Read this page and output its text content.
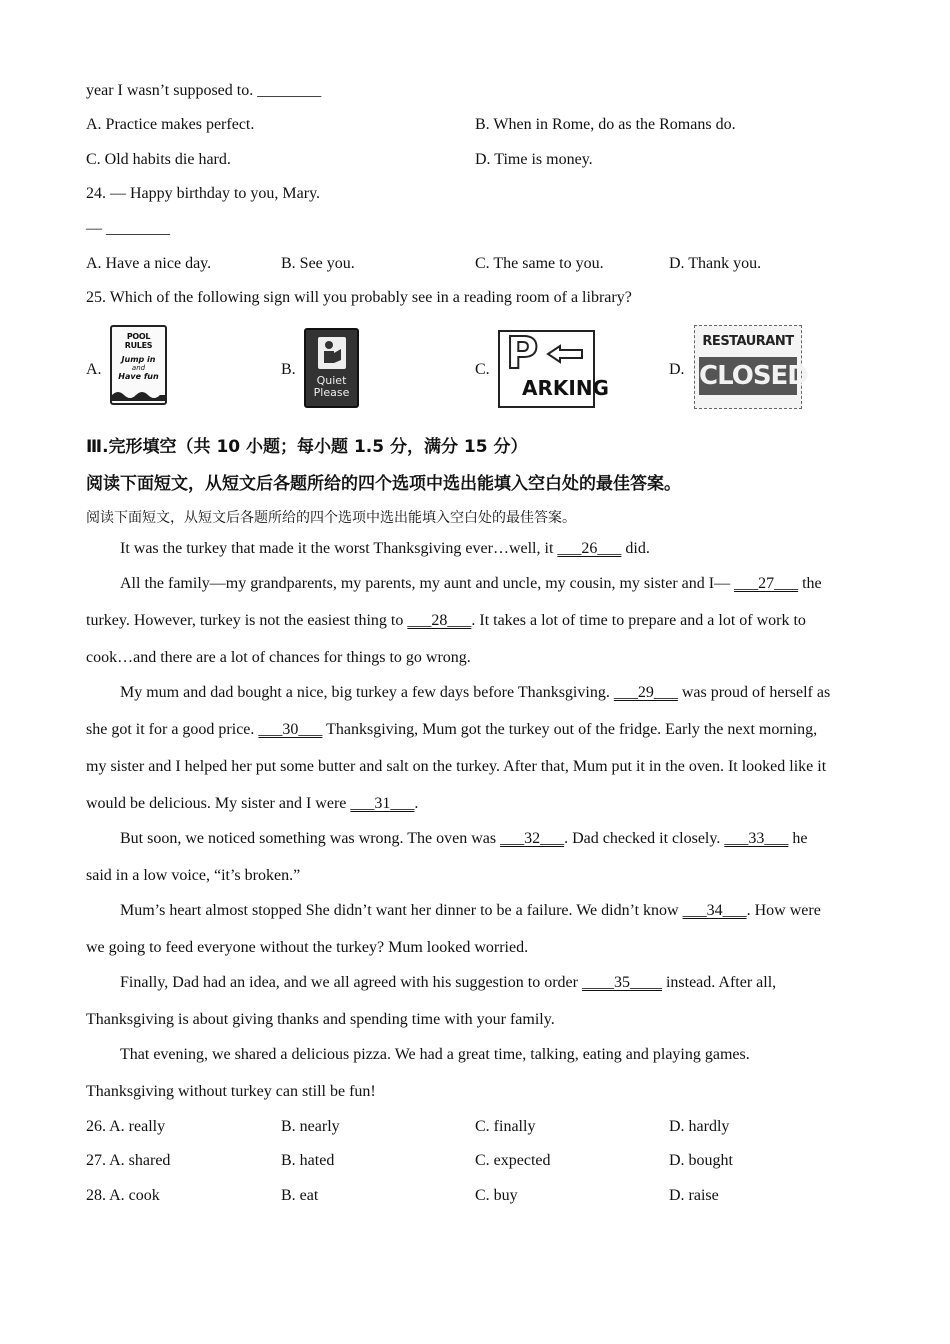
year I wasn’t supposed to. ________
A. Practice makes perfect.	B. When in Rome, do as the Romans do.
C. Old habits die hard.	D. Time is money.
24. — Happy birthday to you, Mary.
— ________
A. Have a nice day.	B. See you.	C. The same to you.	D. Thank you.
25. Which of the following sign will you probably see in a reading room of a library?
A.
POOL RULES
Jump in
and
Have fun	B.
Quiet
Please
C. P
ARKING
D.
RESTAURANT
CLOSED
Ⅲ.完形填空（共 10 小题；每小题 1.5 分，满分 15 分）
阅读下面短文，从短文后各题所给的四个选项中选出能填入空白处的最佳答案。
阅读下面短文，从短文后各题所给的四个选项中选出能填入空白处的最佳答案。
It was the turkey that made it the worst Thanksgiving ever…well, it ___26___ did.
All the family—my grandparents, my parents, my aunt and uncle, my cousin, my sister and I— ___27___ the
turkey. However, turkey is not the easiest thing to ___28___. It takes a lot of time to prepare and a lot of work to
cook…and there are a lot of chances for things to go wrong.
My mum and dad bought a nice, big turkey a few days before Thanksgiving. ___29___ was proud of herself as
she got it for a good price. ___30___ Thanksgiving, Mum got the turkey out of the fridge. Early the next morning,
my sister and I helped her put some butter and salt on the turkey. After that, Mum put it in the oven. It looked like it
would be delicious. My sister and I were ___31___.
But soon, we noticed something was wrong. The oven was ___32___. Dad checked it closely. ___33___ he
said in a low voice, “it’s broken.”
Mum’s heart almost stopped She didn’t want her dinner to be a failure. We didn’t know ___34___. How were
we going to feed everyone without the turkey? Mum looked worried.
Finally, Dad had an idea, and we all agreed with his suggestion to order ____35____ instead. After all,
Thanksgiving is about giving thanks and spending time with your family.
That evening, we shared a delicious pizza. We had a great time, talking, eating and playing games.
Thanksgiving without turkey can still be fun!
26. A. really	B. nearly	C. finally	D. hardly
27. A. shared	B. hated	C. expected	D. bought
28. A. cook	B. eat	C. buy	D. raise
